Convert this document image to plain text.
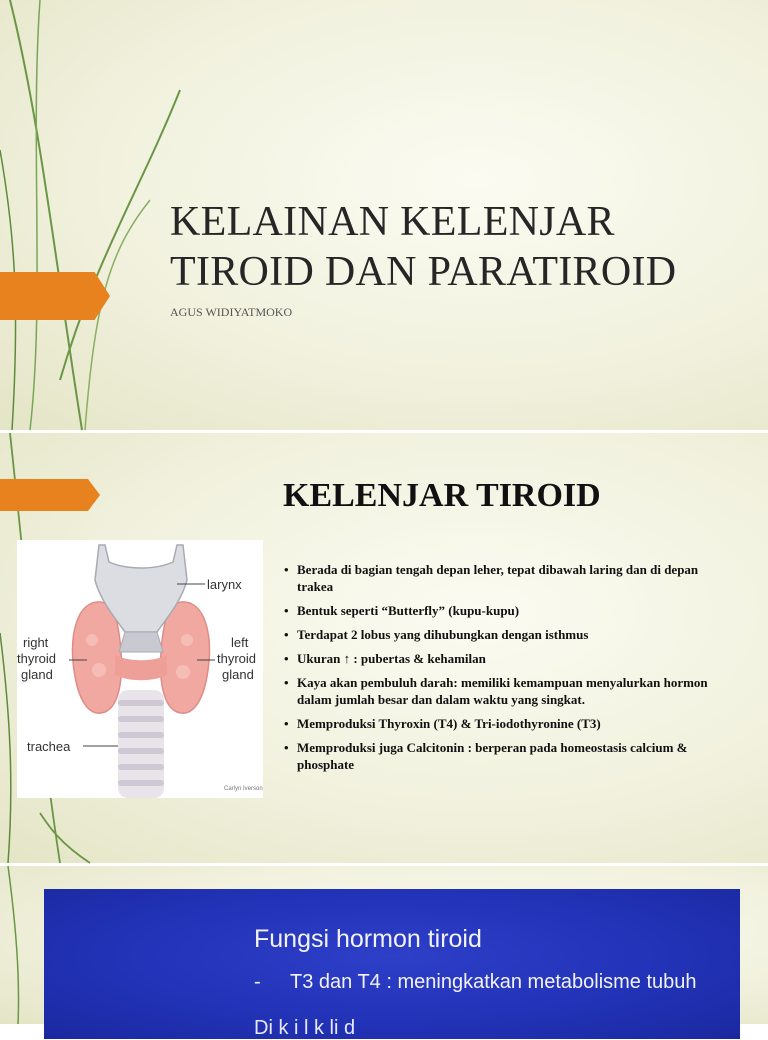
KELAINAN KELENJAR
TIROID DAN PARATIROID
AGUS WIDIYATMOKO
KELENJAR TIROID
larynx
right
thyroid
gland
left
thyroid
gland
trachea
Carlyn Iverson
• Berada di bagian tengah depan leher, tepat dibawah laring dan di depan trakea
• Bentuk seperti “Butterfly” (kupu-kupu)
• Terdapat 2 lobus yang dihubungkan dengan isthmus
• Ukuran ↑ : pubertas & kehamilan
• Kaya akan pembuluh darah: memiliki kemampuan menyalurkan hormon dalam jumlah besar dan dalam waktu yang singkat.
• Memproduksi Thyroxin (T4) & Tri-iodothyronine (T3)
• Memproduksi juga Calcitonin : berperan pada homeostasis calcium & phosphate
Fungsi hormon tiroid
-	T3 dan T4 : meningkatkan metabolisme tubuh
Di k i l k li d
